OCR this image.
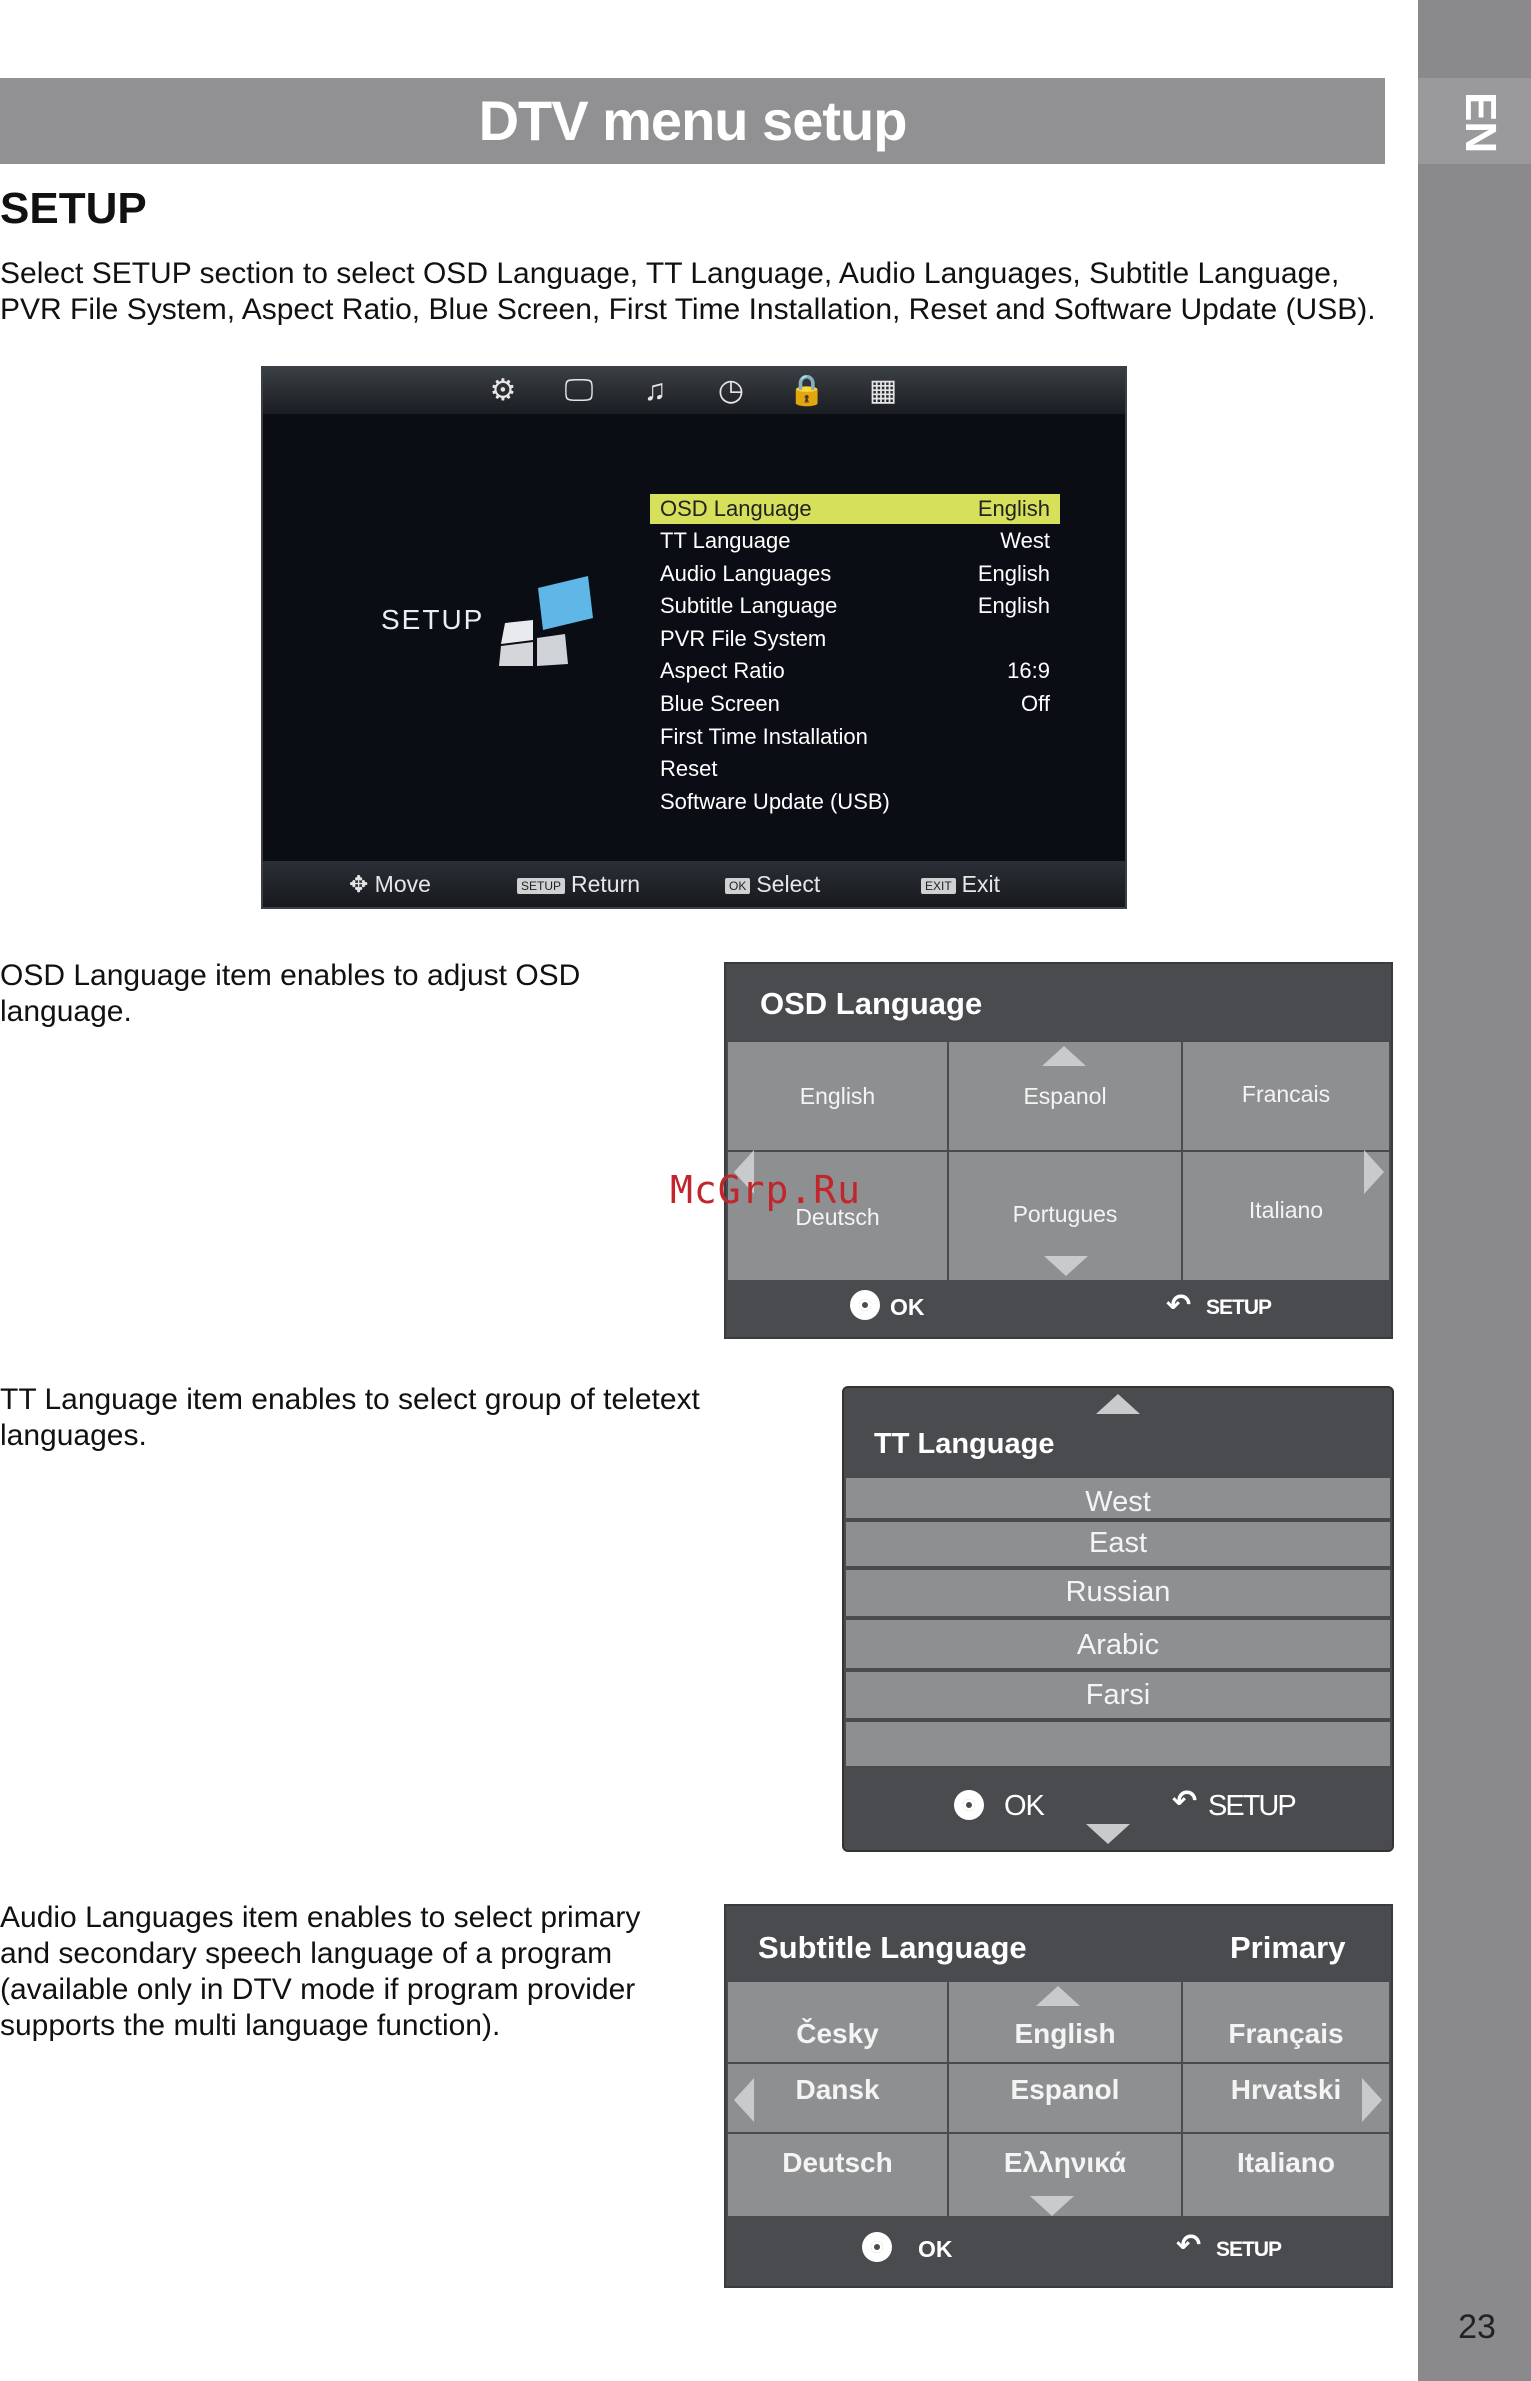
EN
23
DTV menu setup
SETUP
Select SETUP section to select OSD Language, TT Language, Audio Languages, Subtitle Language, PVR File System, Aspect Ratio, Blue Screen, First Time Installation, Reset and Software Update (USB).
⚙	🖵	♫	◷	🔒	▦
SETUP
OSD Language	English
TT Language	West
Audio Languages	English
Subtitle Language	English
PVR File System
Aspect Ratio	16:9
Blue Screen	Off
First Time Installation
Reset
Software Update (USB)
✥ Move	SETUP Return	OK Select	EXIT Exit
OSD Language item enables to adjust OSD language.	OSD Language
English	Espanol	Francais
Deutsch	Portugues	Italiano
OK	↶ SETUP
McGrp.Ru
TT Language item enables to select group of teletext languages.	TT Language
West
East
Russian
Arabic
Farsi
OK	↶ SETUP
Audio Languages item enables to select primary and secondary speech language of a program (available only in DTV mode if program provider supports the multi language function).
Subtitle Language	Primary
Česky	English	Français
Dansk	Espanol	Hrvatski
Deutsch	Ελληνικά	Italiano
OK	↶ SETUP
